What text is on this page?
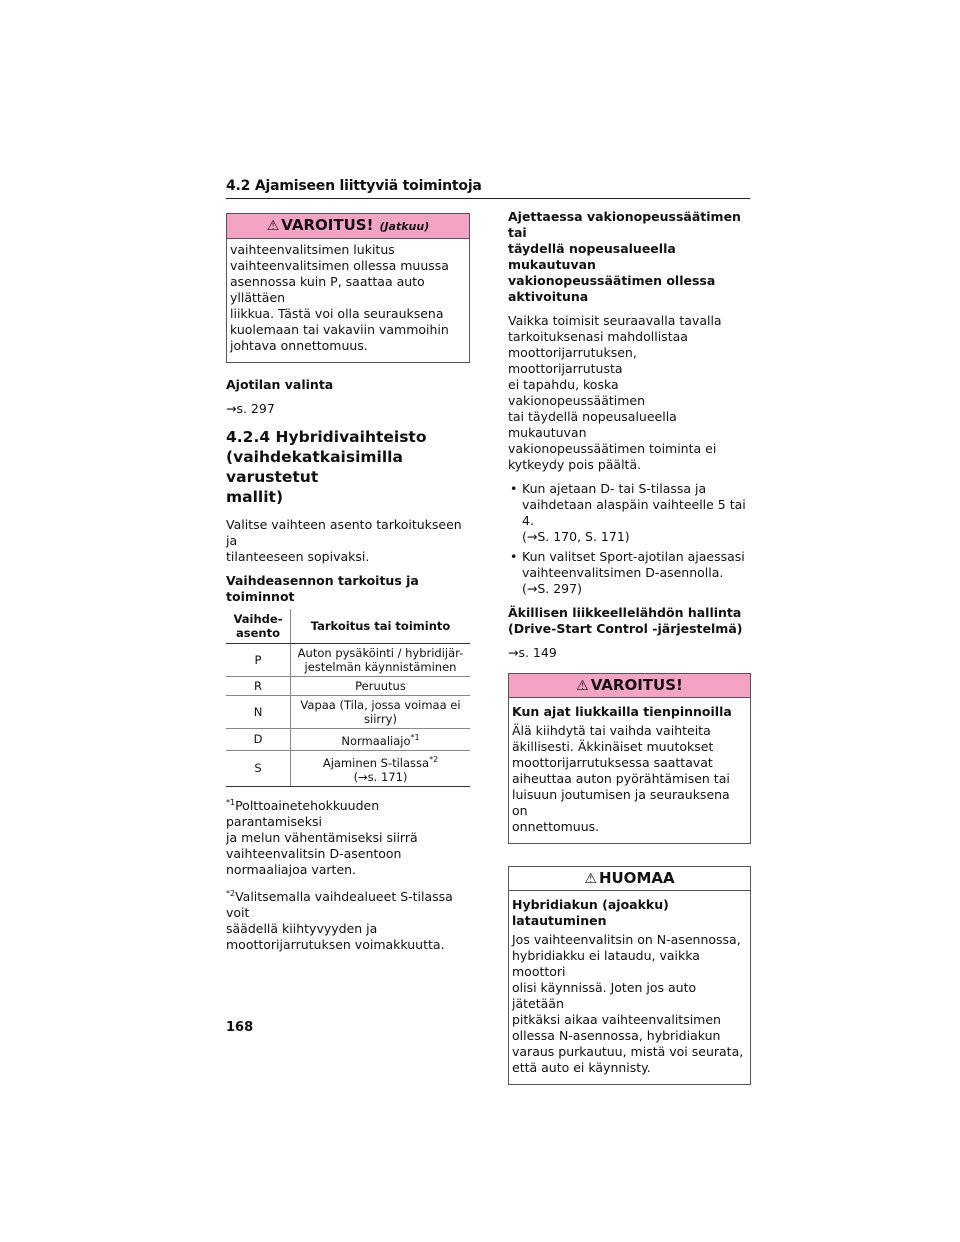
4.2 Ajamiseen liittyviä toimintoja
⚠ VAROITUS! (Jatkuu)
vaihteenvalitsimen lukitus
vaihteenvalitsimen ollessa muussa
asennossa kuin P, saattaa auto yllättäen
liikkua. Tästä voi olla seurauksena
kuolemaan tai vakaviin vammoihin
johtava onnettomuus.
Ajotilan valinta
→s. 297
4.2.4 Hybridivaihteisto
(vaihdekatkaisimilla varustetut
mallit)
Valitse vaihteen asento tarkoitukseen ja
tilanteeseen sopivaksi.
Vaihdeasennon tarkoitus ja toiminnot
Vaihde-
asento	Tarkoitus tai toiminto
P	Auton pysäköinti / hybridijär-
jestelmän käynnistäminen

R	Peruutus

N	Vapaa (Tila, jossa voimaa ei
siirry)

D	Normaaliajo$^{*1}$
S	Ajaminen S-tilassa$^{*2}$
(→s. 171)
$^{*1}$Polttoainetehokkuuden parantamiseksi
ja melun vähentämiseksi siirrä
vaihteenvalitsin D-asentoon
normaaliajoa varten.
$^{*2}$Valitsemalla vaihdealueet S-tilassa voit
säädellä kiihtyvyyden ja
moottorijarrutuksen voimakkuutta.
Ajettaessa vakionopeussäätimen tai
täydellä nopeusalueella mukautuvan
vakionopeussäätimen ollessa
aktivoituna
Vaikka toimisit seuraavalla tavalla
tarkoituksenasi mahdollistaa
moottorijarrutuksen, moottorijarrutusta
ei tapahdu, koska vakionopeussäätimen
tai täydellä nopeusalueella mukautuvan
vakionopeussäätimen toiminta ei
kytkeydy pois päältä.
• Kun ajetaan D- tai S-tilassa ja
vaihdetaan alaspäin vaihteelle 5 tai 4.
(→S. 170, S. 171)
• Kun valitset Sport-ajotilan ajaessasi
vaihteenvalitsimen D-asennolla.
(→S. 297)
Äkillisen liikkeellelähdön hallinta
(Drive-Start Control -järjestelmä)
→s. 149
⚠ VAROITUS!
Kun ajat liukkailla tienpinnoilla
Älä kiihdytä tai vaihda vaihteita
äkillisesti. Äkkinäiset muutokset
moottorijarrutuksessa saattavat
aiheuttaa auton pyörähtämisen tai
luisuun joutumisen ja seurauksena on
onnettomuus.
⚠ HUOMAA
Hybridiakun (ajoakku) latautuminen
Jos vaihteenvalitsin on N-asennossa,
hybridiakku ei lataudu, vaikka moottori
olisi käynnissä. Joten jos auto jätetään
pitkäksi aikaa vaihteenvalitsimen
ollessa N-asennossa, hybridiakun
varaus purkautuu, mistä voi seurata,
että auto ei käynnisty.
168
